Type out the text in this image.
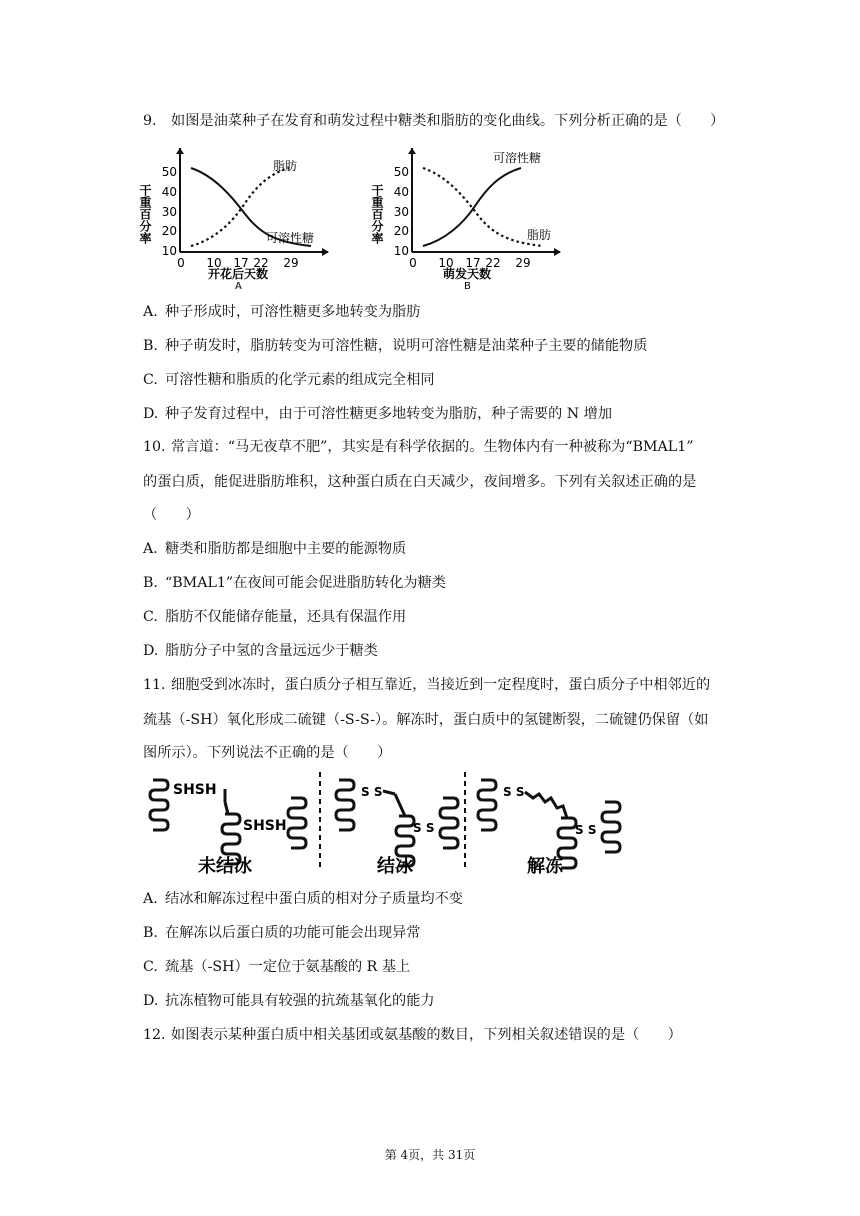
9. 如图是油菜种子在发育和萌发过程中糖类和脂肪的变化曲线。下列分析正确的是（　　）
干重百分率
50
40
30
20
10
0 10 17 22 29
脂肪
可溶性糖
开花后天数
A
干重百分率
50
40
30
20
10
0 10 17 22 29
可溶性糖
脂肪
萌发天数
B
A. 种子形成时，可溶性糖更多地转变为脂肪
B. 种子萌发时，脂肪转变为可溶性糖，说明可溶性糖是油菜种子主要的储能物质
C. 可溶性糖和脂质的化学元素的组成完全相同
D. 种子发育过程中，由于可溶性糖更多地转变为脂肪，种子需要的 N 增加
10. 常言道：“马无夜草不肥”，其实是有科学依据的。生物体内有一种被称为“BMAL1”
的蛋白质，能促进脂肪堆积，这种蛋白质在白天减少，夜间增多。下列有关叙述正确的是
（　　）
A. 糖类和脂肪都是细胞中主要的能源物质
B. “BMAL1”在夜间可能会促进脂肪转化为糖类
C. 脂肪不仅能储存能量，还具有保温作用
D. 脂肪分子中氢的含量远远少于糖类
11. 细胞受到冰冻时，蛋白质分子相互靠近，当接近到一定程度时，蛋白质分子中相邻近的
巯基（-SH）氧化形成二硫键（-S-S-）。解冻时，蛋白质中的氢键断裂，二硫键仍保留（如
图所示）。下列说法不正确的是（　　）
SHSH
SHSH
S S
S S
S S
S S
未结冰	结冰	解冻
A. 结冰和解冻过程中蛋白质的相对分子质量均不变
B. 在解冻以后蛋白质的功能可能会出现异常
C. 巯基（-SH）一定位于氨基酸的 R 基上
D. 抗冻植物可能具有较强的抗巯基氧化的能力
12. 如图表示某种蛋白质中相关基团或氨基酸的数目，下列相关叙述错误的是（　　）
第 4页，共 31页
